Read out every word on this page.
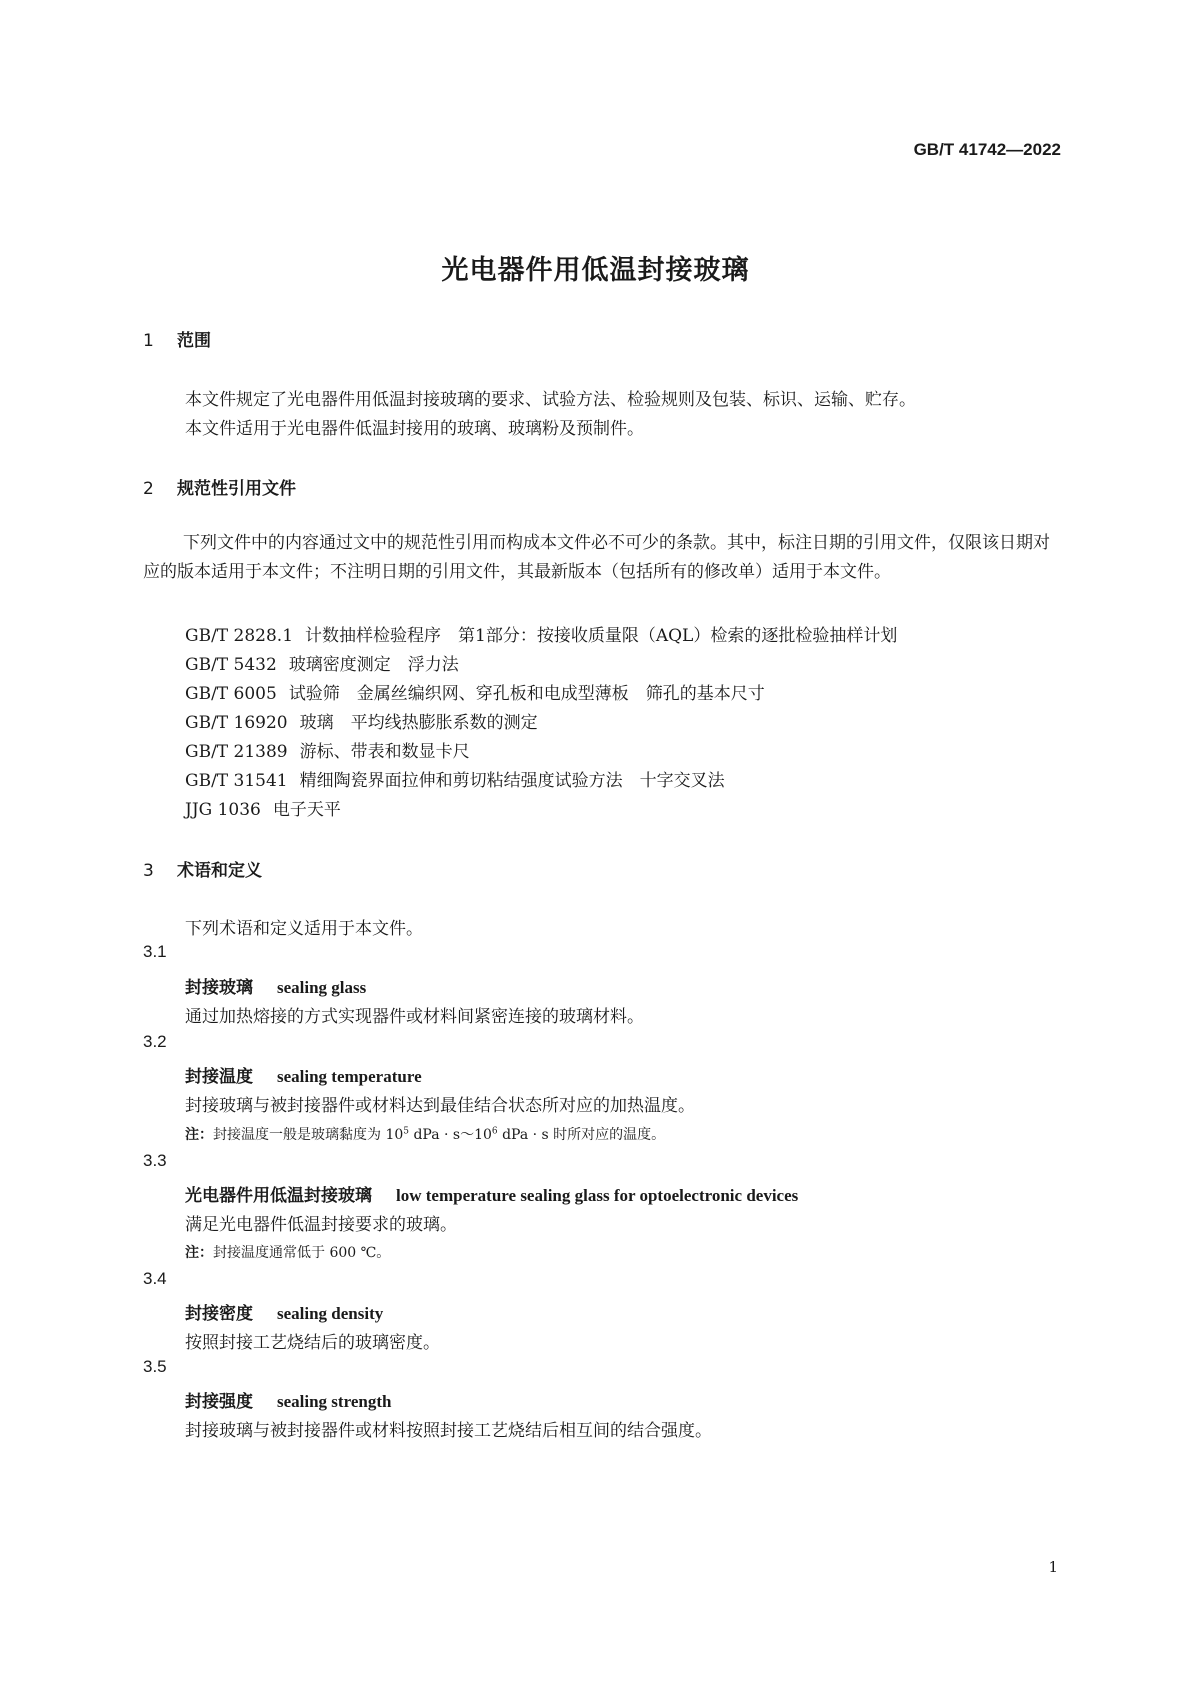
GB/T 41742—2022
光电器件用低温封接玻璃
1 范围
本文件规定了光电器件用低温封接玻璃的要求、试验方法、检验规则及包装、标识、运输、贮存。
本文件适用于光电器件低温封接用的玻璃、玻璃粉及预制件。
2 规范性引用文件
下列文件中的内容通过文中的规范性引用而构成本文件必不可少的条款。其中，标注日期的引用文件，仅限该日期对应的版本适用于本文件；不注明日期的引用文件，其最新版本（包括所有的修改单）适用于本文件。
GB/T 2828.1 计数抽样检验程序　第1部分：按接收质量限（AQL）检索的逐批检验抽样计划
GB/T 5432 玻璃密度测定　浮力法
GB/T 6005 试验筛　金属丝编织网、穿孔板和电成型薄板　筛孔的基本尺寸
GB/T 16920 玻璃　平均线热膨胀系数的测定
GB/T 21389 游标、带表和数显卡尺
GB/T 31541 精细陶瓷界面拉伸和剪切粘结强度试验方法　十字交叉法
JJG 1036 电子天平
3 术语和定义
下列术语和定义适用于本文件。
3.1
封接玻璃 sealing glass
通过加热熔接的方式实现器件或材料间紧密连接的玻璃材料。
3.2
封接温度 sealing temperature
封接玻璃与被封接器件或材料达到最佳结合状态所对应的加热温度。
注：封接温度一般是玻璃黏度为 $10^5$ dPa · $s\sim 10^6$ dPa · s 时所对应的温度。
3.3
光电器件用低温封接玻璃 low temperature sealing glass for optoelectronic devices
满足光电器件低温封接要求的玻璃。
注：封接温度通常低于 600 ℃。
3.4
封接密度 sealing density
按照封接工艺烧结后的玻璃密度。
3.5
封接强度 sealing strength
封接玻璃与被封接器件或材料按照封接工艺烧结后相互间的结合强度。
1
